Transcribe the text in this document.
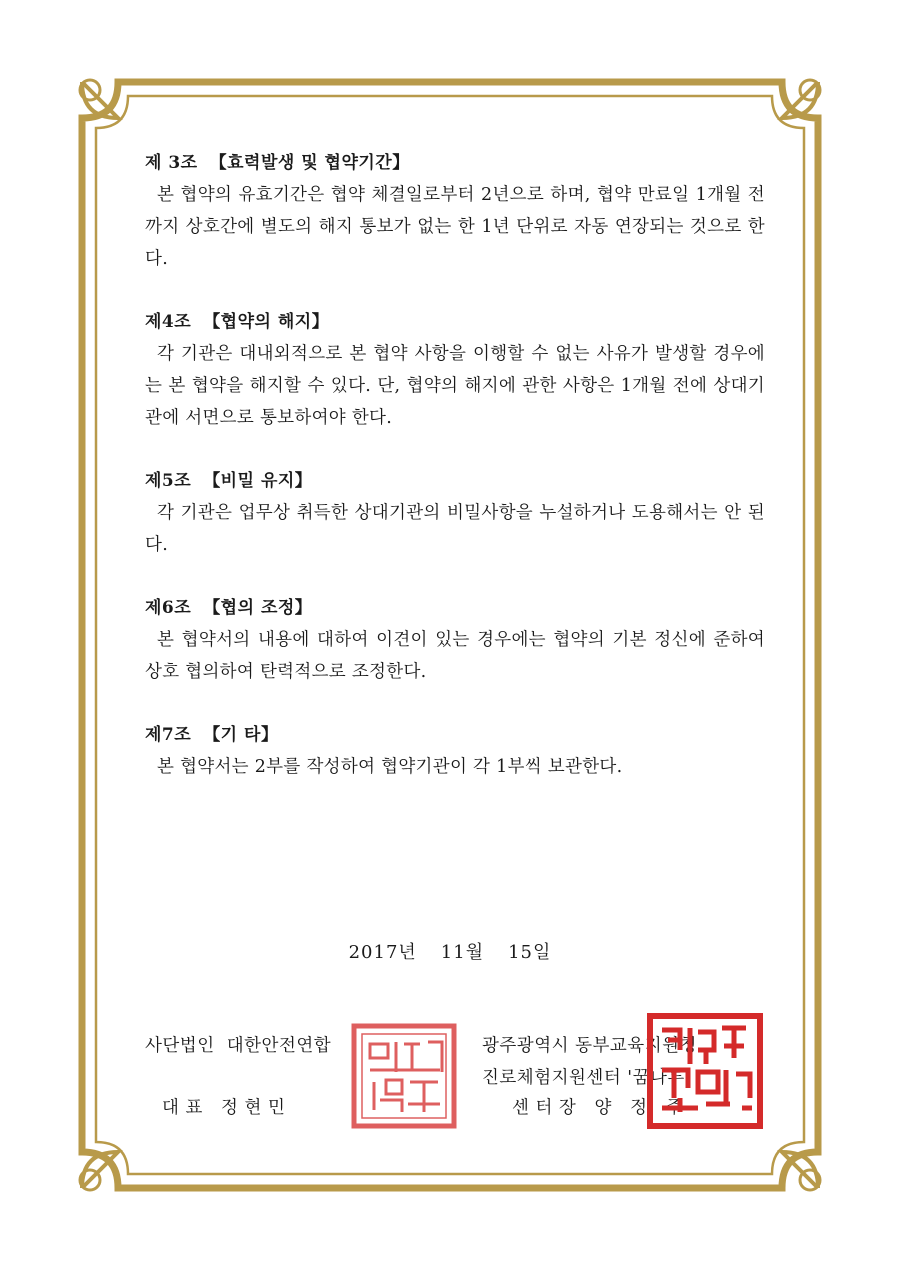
제 3조 【효력발생 및 협약기간】

본 협약의 유효기간은 협약 체결일로부터 2년으로 하며, 협약 만료일 1개월 전까지 상호간에 별도의 해지 통보가 없는 한 1년 단위로 자동 연장되는 것으로 한다.

제4조 【협약의 해지】

각 기관은 대내외적으로 본 협약 사항을 이행할 수 없는 사유가 발생할 경우에는 본 협약을 해지할 수 있다. 단, 협약의 해지에 관한 사항은 1개월 전에 상대기관에 서면으로 통보하여야 한다.

제5조 【비밀 유지】

각 기관은 업무상 취득한 상대기관의 비밀사항을 누설하거나 도용해서는 안 된다.

제6조 【협의 조정】

본 협약서의 내용에 대하여 이견이 있는 경우에는 협약의 기본 정신에 준하여 상호 협의하여 탄력적으로 조정한다.

제7조 【기 타】

본 협약서는 2부를 작성하여 협약기관이 각 1부씩 보관한다.

2017년 11월 15일
사단법인  대한안전연합
대 표   정 현 민
광주광역시 동부교육지원청
진로체험지원센터 '꿈나루'
센 터 장   양   정   주
